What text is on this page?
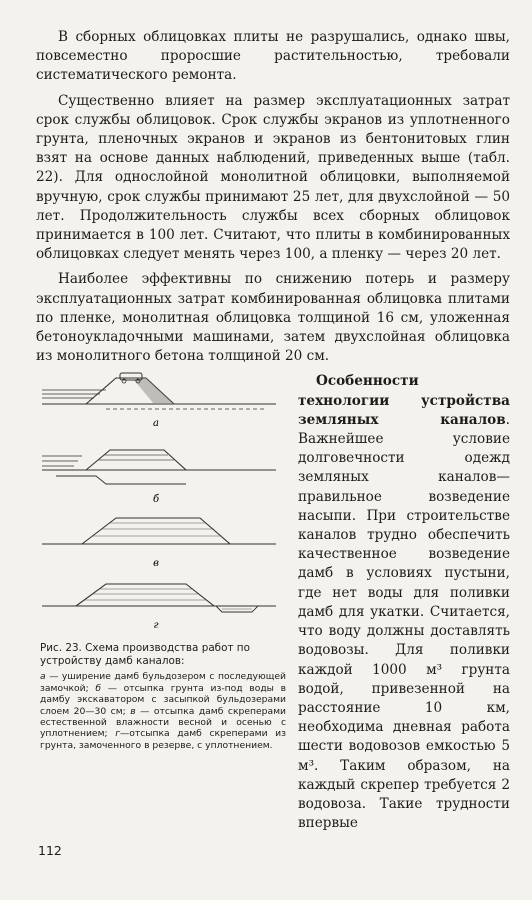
В сборных облицовках плиты не разрушались, однако швы, повсеместно проросшие растительностью, требовали систематического ремонта.

Существенно влияет на размер эксплуатационных затрат срок службы облицовок. Срок службы экранов из уплотненного грунта, пленочных экранов и экранов из бентонитовых глин взят на основе данных наблюдений, приведенных выше (табл. 22). Для однослойной монолитной облицовки, выполняемой вручную, срок службы принимают 25 лет, для двухслойной — 50 лет. Продолжительность службы всех сборных облицовок принимается в 100 лет. Считают, что плиты в комбинированных облицовках следует менять через 100, а пленку — через 20 лет.

Наиболее эффективны по снижению потерь и размеру эксплуатационных затрат комбинированная облицовка плитами по пленке, монолитная облицовка толщиной 16 см, уложенная бетоноукладочными машинами, затем двухслойная облицовка из монолитного бетона толщиной 20 см.

а
б
в
г

Рис. 23. Схема производства работ по устройству дамб каналов:

а — уширение дамб бульдозером с последующей замочкой; б — отсыпка грунта из-под воды в дамбу экскаватором с засыпкой бульдозерами слоем 20—30 см; в — отсыпка дамб скреперами естественной влажности весной и осенью с уплотнением; г—отсыпка дамб скреперами из грунта, замоченного в резерве, с уплотнением.

Особенности технологии устройства земляных каналов. Важнейшее условие долговечности одежд земляных каналов—правильное возведение насыпи. При строительстве каналов трудно обеспечить качественное возведение дамб в условиях пустыни, где нет воды для поливки дамб для укатки. Считается, что воду должны доставлять водовозы. Для поливки каждой 1000 м³ грунта водой, привезенной на расстояние 10 км, необходима дневная работа шести водовозов емкостью 5 м³. Таким образом, на каждый скрепер требуется 2 водовоза. Такие трудности впервые

112
